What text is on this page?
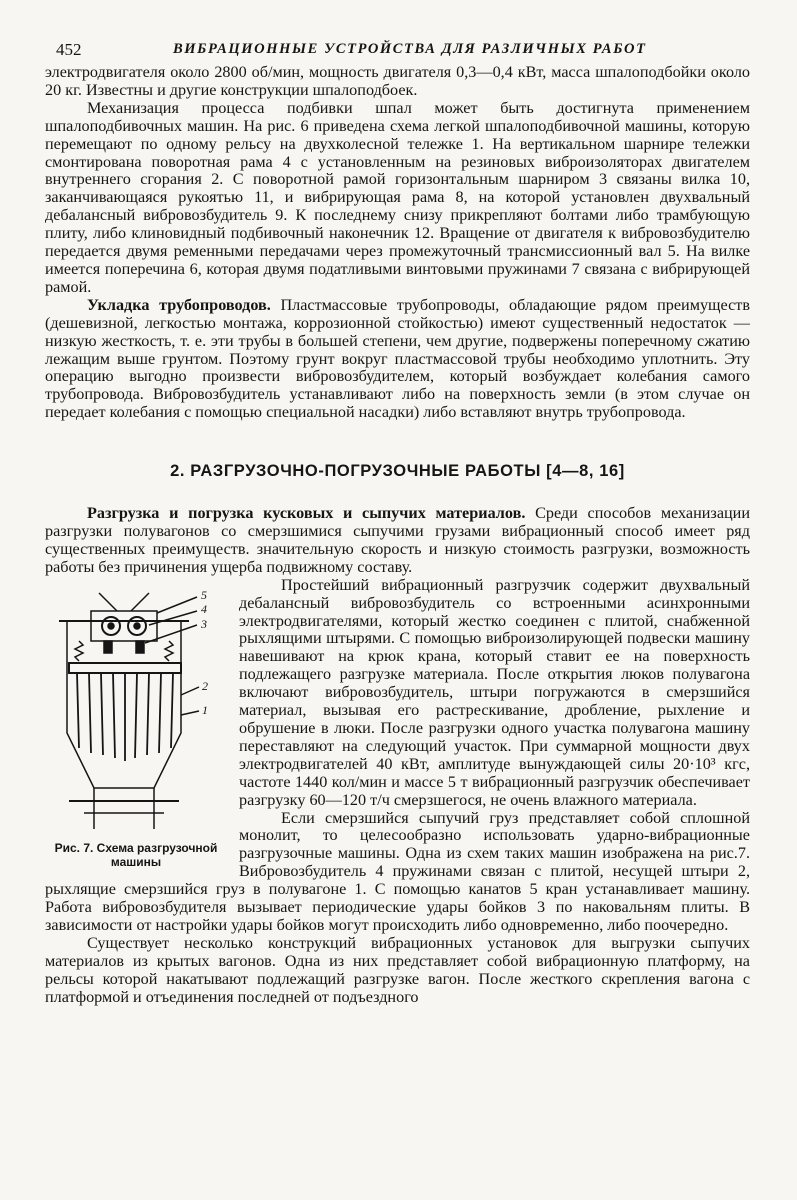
452	ВИБРАЦИОННЫЕ УСТРОЙСТВА ДЛЯ РАЗЛИЧНЫХ РАБОТ

электродвигателя около 2800 об/мин, мощность двигателя 0,3—0,4 кВт, масса шпалоподбойки около 20 кг. Известны и другие конструкции шпалоподбоек.

Механизация процесса подбивки шпал может быть достигнута применением шпалоподбивочных машин. На рис. 6 приведена схема легкой шпалоподбивочной машины, которую перемещают по одному рельсу на двухколесной тележке 1. На вертикальном шарнире тележки смонтирована поворотная рама 4 с установленным на резиновых виброизоляторах двигателем внутреннего сгорания 2. С поворотной рамой горизонтальным шарниром 3 связаны вилка 10, заканчивающаяся рукоятью 11, и вибрирующая рама 8, на которой установлен двухвальный дебалансный вибровозбудитель 9. К последнему снизу прикрепляют болтами либо трамбующую плиту, либо клиновидный подбивочный наконечник 12. Вращение от двигателя к вибровозбудителю передается двумя ременными передачами через промежуточный трансмиссионный вал 5. На вилке имеется поперечина 6, которая двумя податливыми винтовыми пружинами 7 связана с вибрирующей рамой.

Укладка трубопроводов. Пластмассовые трубопроводы, обладающие рядом преимуществ (дешевизной, легкостью монтажа, коррозионной стойкостью) имеют существенный недостаток — низкую жесткость, т. е. эти трубы в большей степени, чем другие, подвержены поперечному сжатию лежащим выше грунтом. Поэтому грунт вокруг пластмассовой трубы необходимо уплотнить. Эту операцию выгодно произвести вибровозбудителем, который возбуждает колебания самого трубопровода. Вибровозбудитель устанавливают либо на поверхность земли (в этом случае он передает колебания с помощью специальной насадки) либо вставляют внутрь трубопровода.

2. РАЗГРУЗОЧНО-ПОГРУЗОЧНЫЕ РАБОТЫ [4—8, 16]

Разгрузка и погрузка кусковых и сыпучих материалов. Среди способов механизации разгрузки полувагонов со смерзшимися сыпучими грузами вибрационный способ имеет ряд существенных преимуществ. значительную скорость и низкую стоимость разгрузки, возможность работы без причинения ущерба подвижному составу.

5
4
3
2
1
Рис. 7. Схема разгрузочной машины

Простейший вибрационный разгрузчик содержит двухвальный дебалансный вибровозбудитель со встроенными асинхронными электродвигателями, который жестко соединен с плитой, снабженной рыхлящими штырями. С помощью виброизолирующей подвески машину навешивают на крюк крана, который ставит ее на поверхность подлежащего разгрузке материала. После открытия люков полувагона включают вибровозбудитель, штыри погружаются в смерзшийся материал, вызывая его растрескивание, дробление, рыхление и обрушение в люки. После разгрузки одного участка полувагона машину переставляют на следующий участок. При суммарной мощности двух электродвигателей 40 кВт, амплитуде вынуждающей силы 20·10³ кгс, частоте 1440 кол/мин и массе 5 т вибрационный разгрузчик обеспечивает разгрузку 60—120 т/ч смерзшегося, не очень влажного материала.

Если смерзшийся сыпучий груз представляет собой сплошной монолит, то целесообразно использовать ударно-вибрационные разгрузочные машины. Одна из схем таких машин изображена на рис.7. Вибровозбудитель 4 пружинами связан с плитой, несущей штыри 2, рыхлящие смерзшийся груз в полувагоне 1. С помощью канатов 5 кран устанавливает машину. Работа вибровозбудителя вызывает периодические удары бойков 3 по наковальням плиты. В зависимости от настройки удары бойков могут происходить либо одновременно, либо поочередно.

Существует несколько конструкций вибрационных установок для выгрузки сыпучих материалов из крытых вагонов. Одна из них представляет собой вибрационную платформу, на рельсы которой накатывают подлежащий разгрузке вагон. После жесткого скрепления вагона с платформой и отъединения последней от подъездного
